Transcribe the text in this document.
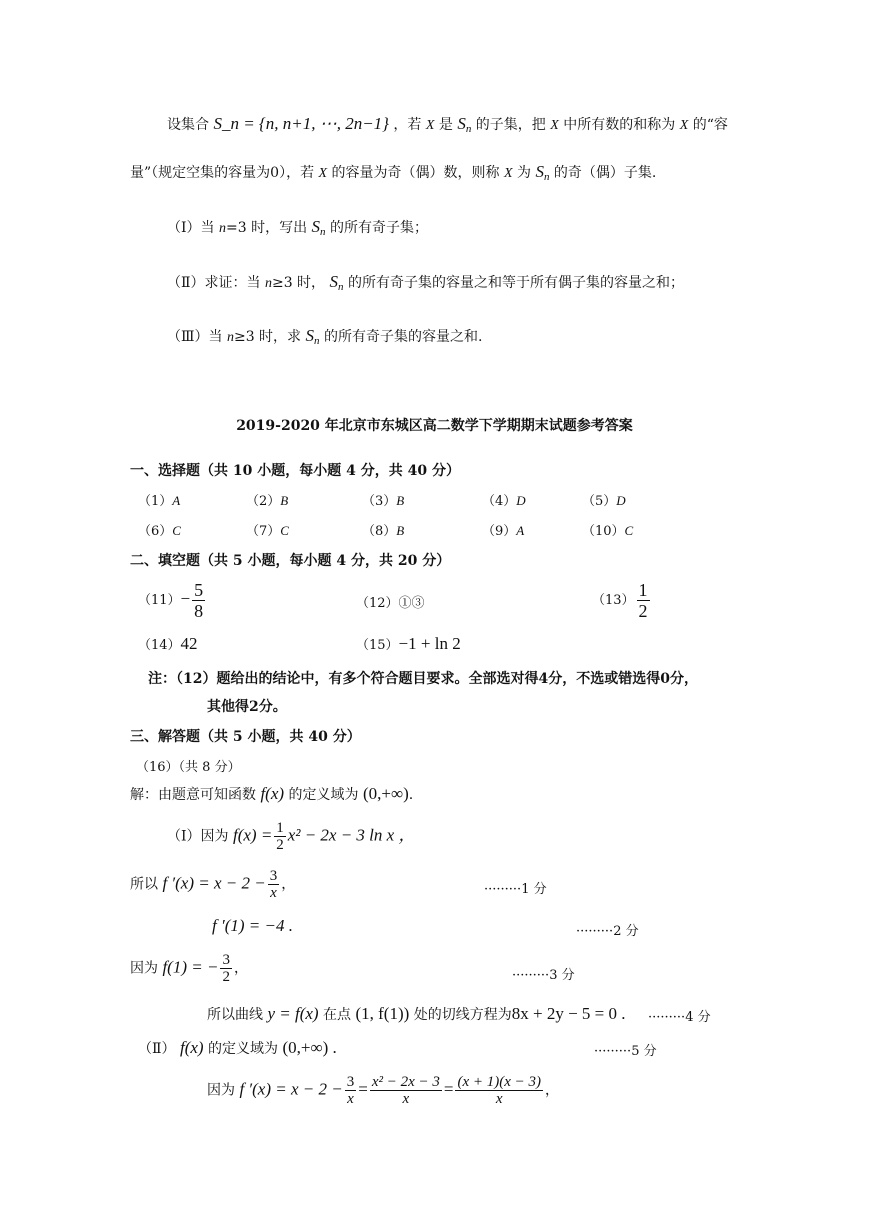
设集合 S_n = {n, n+1, ⋯, 2n−1} ，若 X 是 $S_n$ 的子集，把 X 中所有数的和称为 X 的“容
量”（规定空集的容量为0），若 X 的容量为奇（偶）数，则称 X 为 $S_n$ 的奇（偶）子集.
（Ⅰ）当 n=3 时，写出 $S_n$ 的所有奇子集；
（Ⅱ）求证：当 n≥3 时， $S_n$ 的所有奇子集的容量之和等于所有偶子集的容量之和；
（Ⅲ）当 n≥3 时，求 $S_n$ 的所有奇子集的容量之和.
2019-2020 年北京市东城区高二数学下学期期末试题参考答案
一、选择题（共 10 小题，每小题 4 分，共 40 分）
（1）A	（2）B	（3）B	（4）D	（5）D
（6）C	（7）C	（8）B	（9）A	（10）C
二、填空题（共 5 小题，每小题 4 分，共 20 分）
$(11)- \frac{5}{8}$	（12）①③	$(13) \frac{1}{2}$
（14）42	（15）−1 + ln 2
注：（12）题给出的结论中，有多个符合题目要求。全部选对得4分，不选或错选得0分，
其他得2分。
三、解答题（共 5 小题，共 40 分）
（16）（共 8 分）
解：由题意可知函数 f(x) 的定义域为 (0,+∞).
（Ⅰ）因为 $f(x) = \frac{1}{2} x^2 - 2x - 3$ ln x ，
所以 f $'(x) = x - 2 - \frac{3}{x}$ ，	·········1 分
f ′(1) = −4 .	·········2 分
因为 f(1) = − $\frac{3}{2}$ ，	·········3 分
所以曲线 y = f(x) 在点 (1, f(1)) 处的切线方程为8x + 2y − 5 = 0 . ·········4 分
（Ⅱ） f(x) 的定义域为 (0,+∞) .	·········5 分
因为 f $'(x) = x - 2 - \frac{3}{x} = \frac{\text{x² − 2x − 3}}{x} = \frac{(x + 1)(x - 3)}{x}$ ，
